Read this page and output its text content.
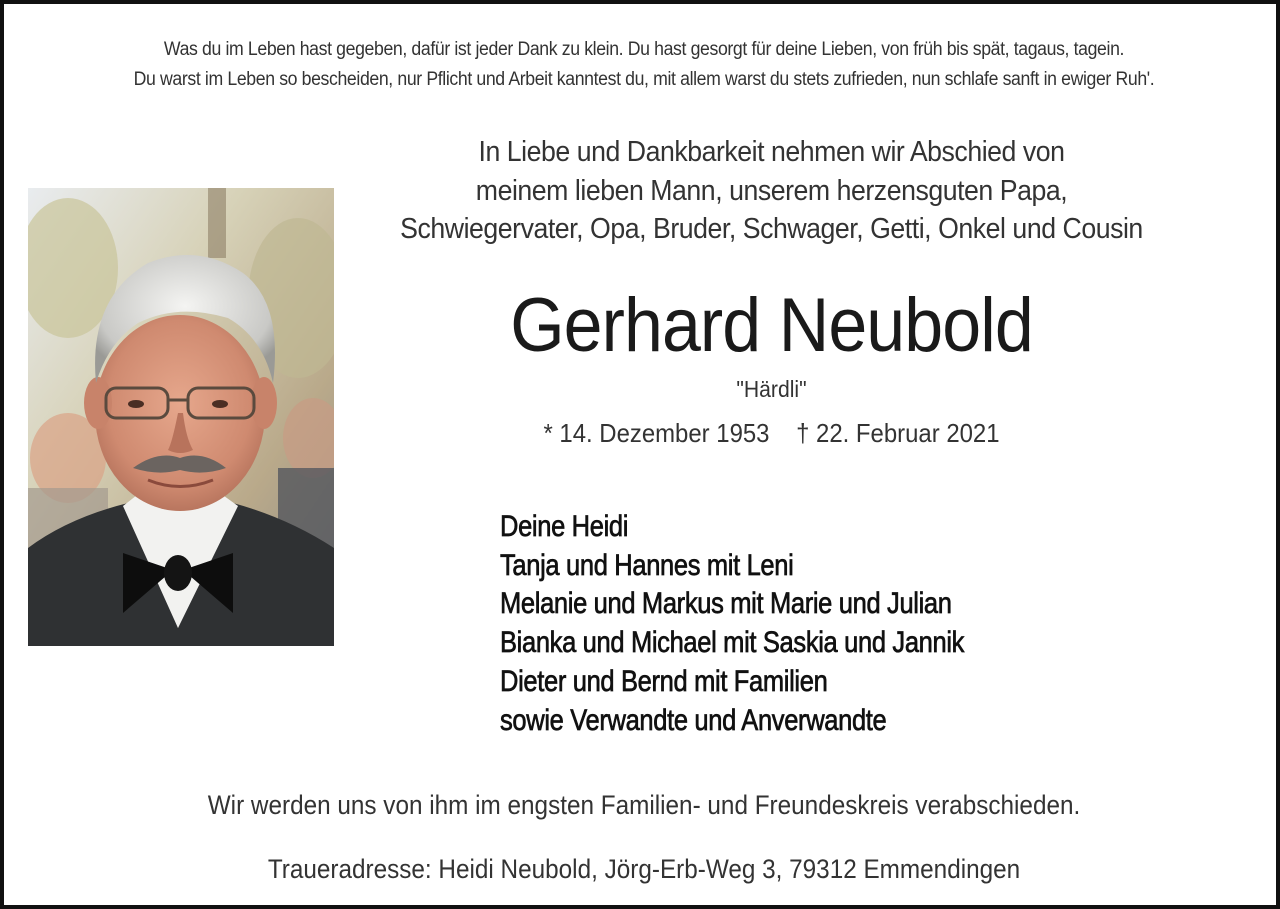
Was du im Leben hast gegeben, dafür ist jeder Dank zu klein. Du hast gesorgt für deine Lieben, von früh bis spät, tagaus, tagein.
Du warst im Leben so bescheiden, nur Pflicht und Arbeit kanntest du, mit allem warst du stets zufrieden, nun schlafe sanft in ewiger Ruh'.
In Liebe und Dankbarkeit nehmen wir Abschied von
meinem lieben Mann, unserem herzensguten Papa,
Schwiegervater, Opa, Bruder, Schwager, Getti, Onkel und Cousin
Gerhard Neubold
"Härdli"
* 14. Dezember 1953    † 22. Februar 2021
Deine Heidi
Tanja und Hannes mit Leni
Melanie und Markus mit Marie und Julian
Bianka und Michael mit Saskia und Jannik
Dieter und Bernd mit Familien
sowie Verwandte und Anverwandte
Wir werden uns von ihm im engsten Familien- und Freundeskreis verabschieden.
Traueradresse: Heidi Neubold, Jörg-Erb-Weg 3, 79312 Emmendingen
